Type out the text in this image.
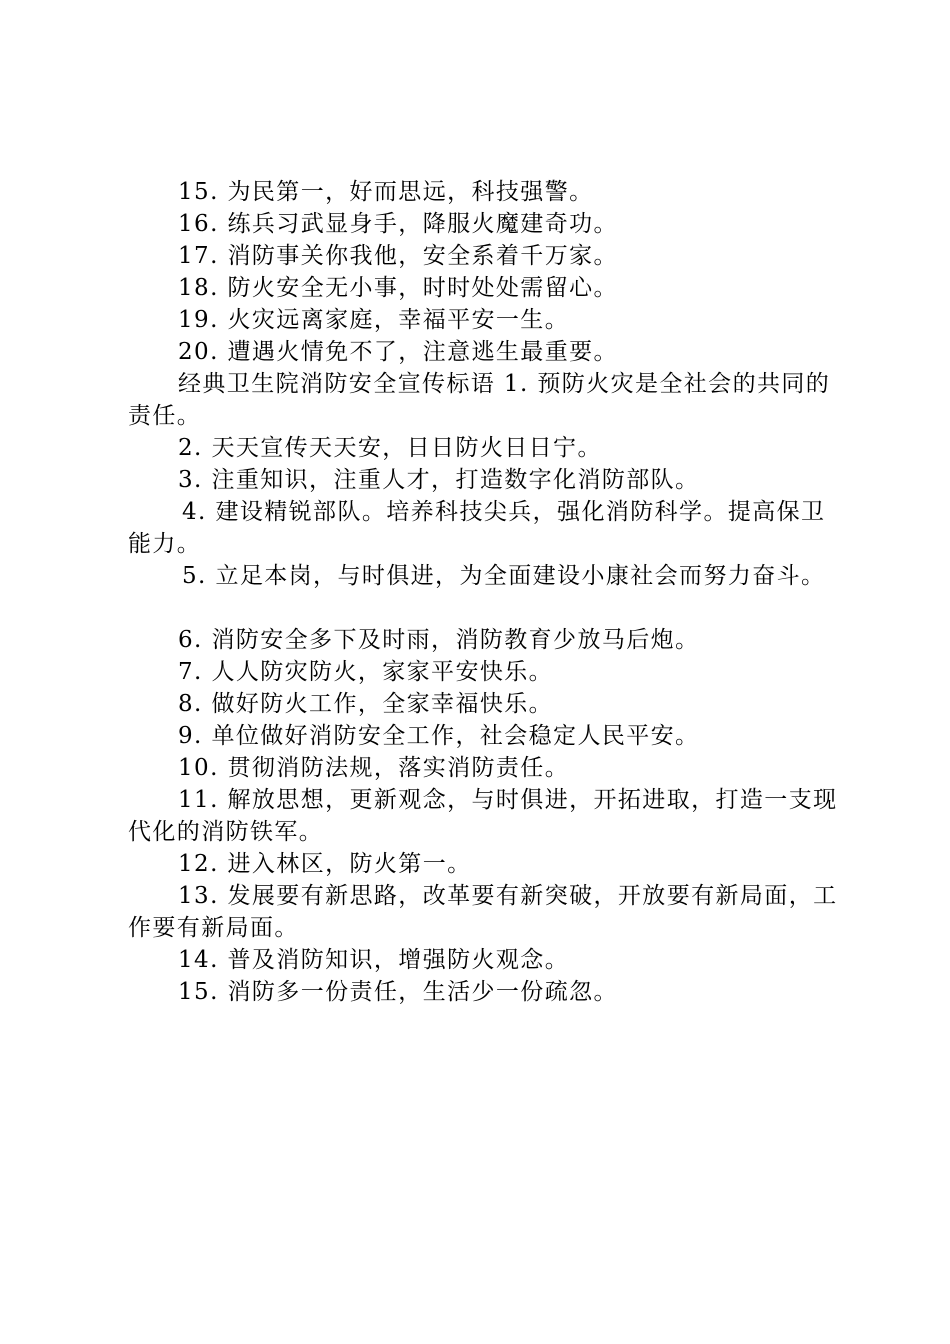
15. 为民第一，好而思远，科技强警。

16. 练兵习武显身手，降服火魔建奇功。

17. 消防事关你我他，安全系着千万家。

18. 防火安全无小事，时时处处需留心。

19. 火灾远离家庭，幸福平安一生。

20. 遭遇火情免不了，注意逃生最重要。

经典卫生院消防安全宣传标语 1. 预防火灾是全社会的共同的责任。

2. 天天宣传天天安，日日防火日日宁。

3. 注重知识，注重人才，打造数字化消防部队。

4. 建设精锐部队。培养科技尖兵，强化消防科学。提高保卫能力。

5. 立足本岗，与时俱进，为全面建设小康社会而努力奋斗。

6. 消防安全多下及时雨，消防教育少放马后炮。

7. 人人防灾防火，家家平安快乐。

8. 做好防火工作，全家幸福快乐。

9. 单位做好消防安全工作，社会稳定人民平安。

10. 贯彻消防法规，落实消防责任。

11. 解放思想，更新观念，与时俱进，开拓进取，打造一支现代化的消防铁军。

12. 进入林区，防火第一。

13. 发展要有新思路，改革要有新突破，开放要有新局面，工作要有新局面。

14. 普及消防知识，增强防火观念。

15. 消防多一份责任，生活少一份疏忽。
